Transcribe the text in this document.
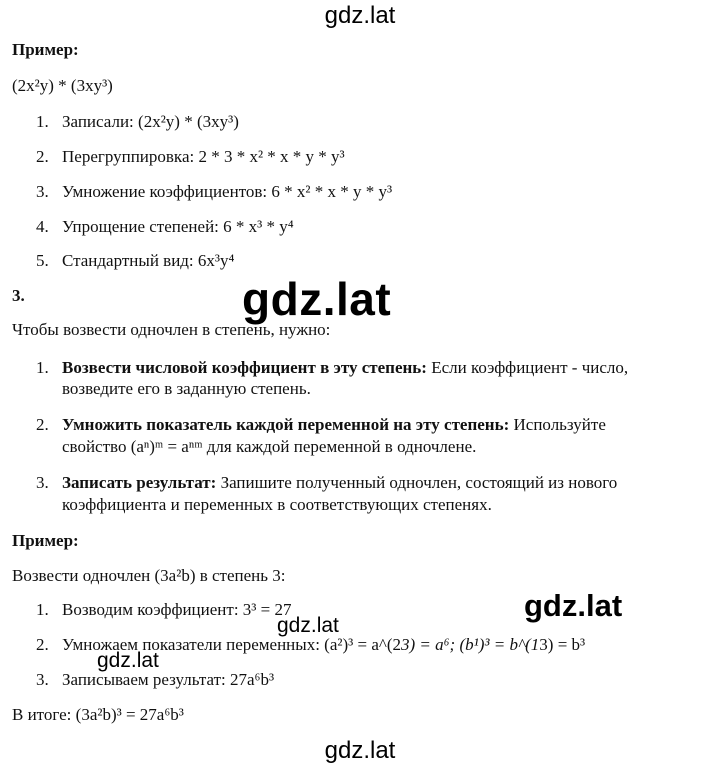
gdz.lat
gdz.lat
gdz.lat
gdz.lat
gdz.lat
gdz.lat
Пример:
(2x²y) * (3xy³)
1. Записали: (2x²y) * (3xy³)
2. Перегруппировка: 2 * 3 * x² * x * y * y³
3. Умножение коэффициентов: 6 * x² * x * y * y³
4. Упрощение степеней: 6 * x³ * y⁴
5. Стандартный вид: 6x³y⁴
3.
Чтобы возвести одночлен в степень, нужно:
1. Возвести числовой коэффициент в эту степень: Если коэффициент - число,
возведите его в заданную степень.
2. Умножить показатель каждой переменной на эту степень: Используйте
свойство (aⁿ)ᵐ = aⁿᵐ для каждой переменной в одночлене.
3. Записать результат: Запишите полученный одночлен, состоящий из нового
коэффициента и переменных в соответствующих степенях.
Пример:
Возвести одночлен (3a²b) в степень 3:
1. Возводим коэффициент: 3³ = 27
2. Умножаем показатели переменных: (a²)³ = a^(23) = a⁶; (b¹)³ = b^(13) = b³
3. Записываем результат: 27a⁶b³
В итоге: (3a²b)³ = 27a⁶b³
